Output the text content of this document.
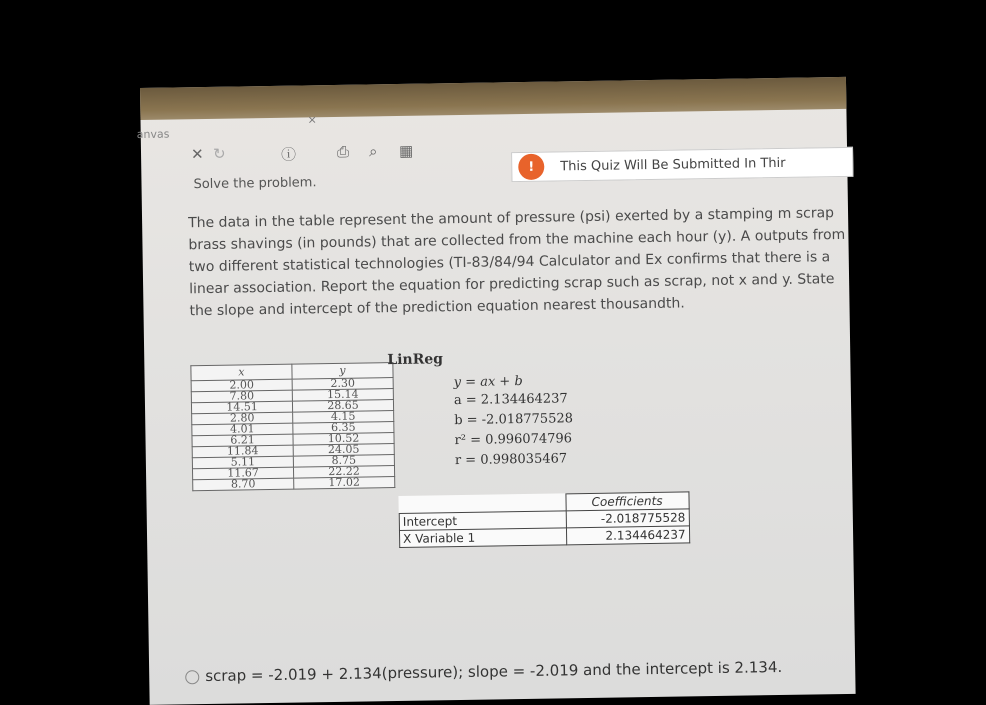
anvas
×
✕ ↻	ⓘ	⎙ ⌕ ▦
!	This Quiz Will Be Submitted In Thir
Solve the problem.
The data in the table represent the amount of pressure (psi) exerted by a stamping m scrap brass shavings (in pounds) that are collected from the machine each hour (y). A outputs from two different statistical technologies (TI-83/84/94 Calculator and Ex confirms that there is a linear association. Report the equation for predicting scrap such as scrap, not x and y. State the slope and intercept of the prediction equation nearest thousandth.
x	y
2.00	2.30
7.80	15.14
14.51	28.65
2.80	4.15
4.01	6.35
6.21	10.52
11.84	24.05
5.11	8.75
11.67	22.22
8.70	17.02
LinReg
y = ax + b
a = 2.134464237
b = -2.018775528
r² = 0.996074796
r = 0.998035467
	Coefficients
Intercept	-2.018775528
X Variable 1	2.134464237
scrap = -2.019 + 2.134(pressure); slope = -2.019 and the intercept is 2.134.
